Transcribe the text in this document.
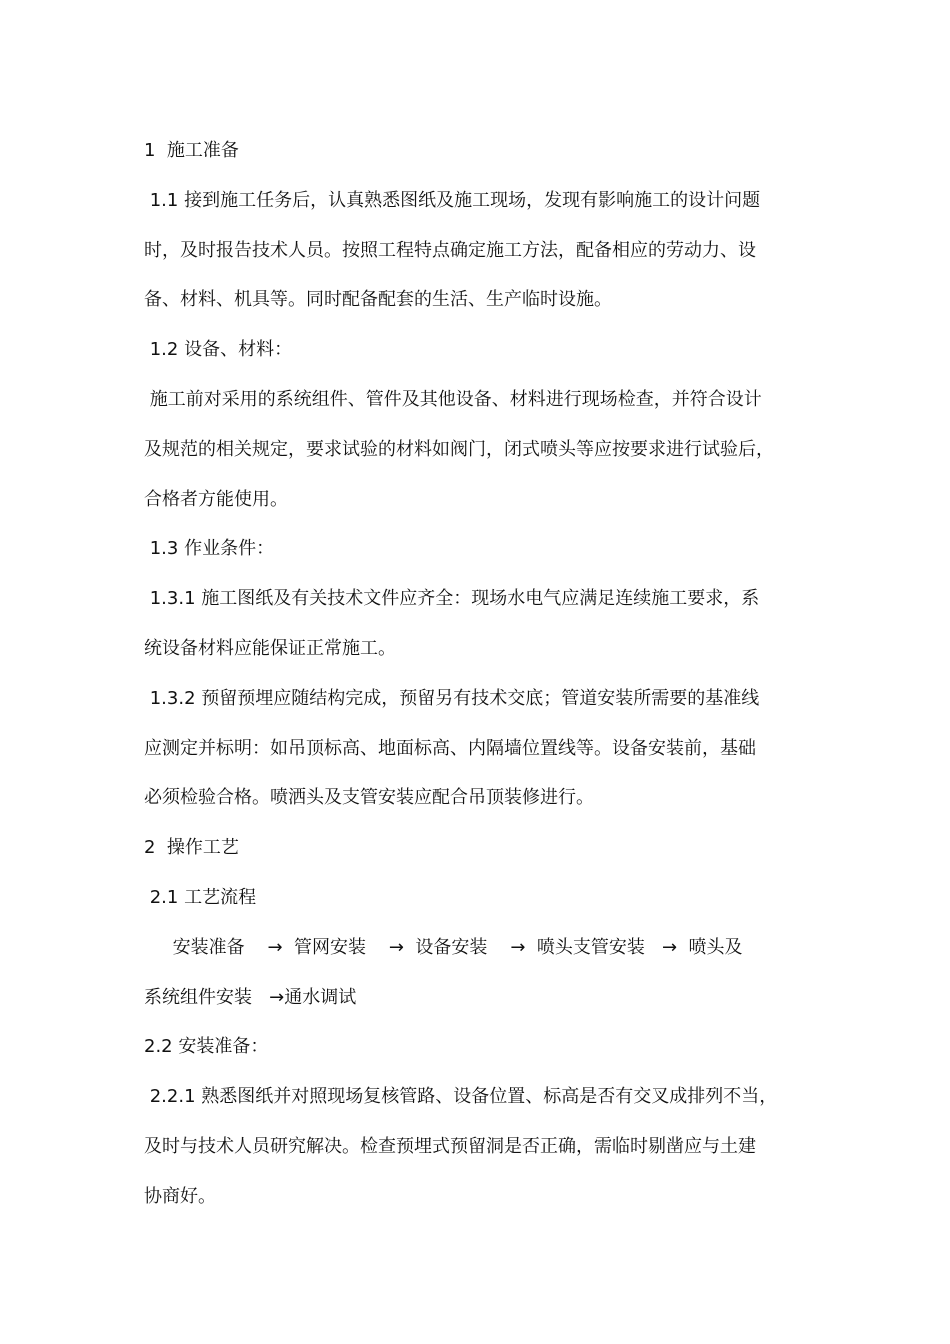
1  施工准备
1.1 接到施工任务后，认真熟悉图纸及施工现场，发现有影响施工的设计问题
时，及时报告技术人员。按照工程特点确定施工方法，配备相应的劳动力、设
备、材料、机具等。同时配备配套的生活、生产临时设施。
1.2 设备、材料：
施工前对采用的系统组件、管件及其他设备、材料进行现场检查，并符合设计
及规范的相关规定，要求试验的材料如阀门，闭式喷头等应按要求进行试验后，
合格者方能使用。
1.3 作业条件：
1.3.1 施工图纸及有关技术文件应齐全：现场水电气应满足连续施工要求，系
统设备材料应能保证正常施工。
1.3.2 预留预埋应随结构完成，预留另有技术交底；管道安装所需要的基准线
应测定并标明：如吊顶标高、地面标高、内隔墙位置线等。设备安装前，基础
必须检验合格。喷洒头及支管安装应配合吊顶装修进行。
2  操作工艺
2.1 工艺流程
安装准备    →  管网安装    →  设备安装    →  喷头支管安装   →  喷头及
系统组件安装   →通水调试
2.2 安装准备：
2.2.1 熟悉图纸并对照现场复核管路、设备位置、标高是否有交叉成排列不当，
及时与技术人员研究解决。检查预埋式预留洞是否正确，需临时剔凿应与土建
协商好。
